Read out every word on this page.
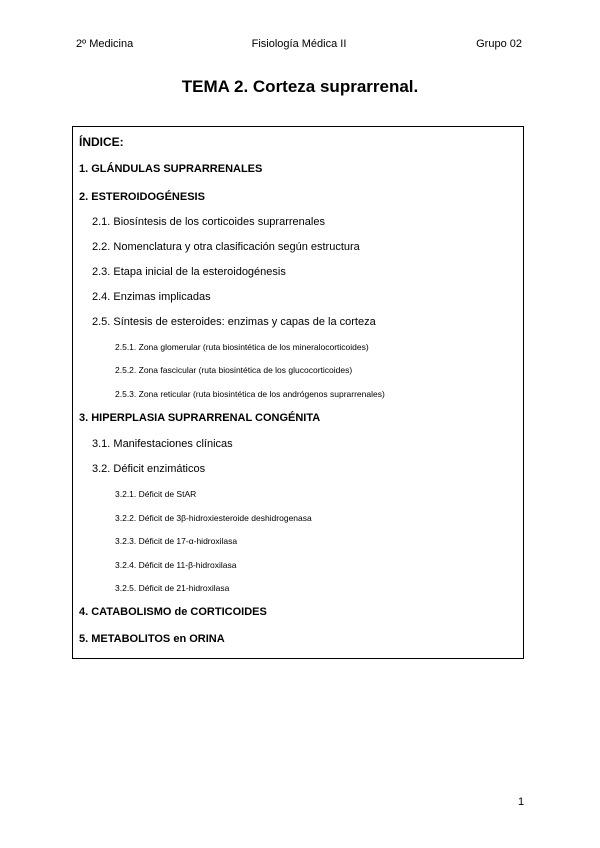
2º Medicina	Fisiología Médica II	Grupo 02
TEMA 2. Corteza suprarrenal.
ÍNDICE:
1. GLÁNDULAS SUPRARRENALES
2. ESTEROIDOGÉNESIS
2.1. Biosíntesis de los corticoides suprarrenales
2.2. Nomenclatura y otra clasificación según estructura
2.3. Etapa inicial de la esteroidogénesis
2.4. Enzimas implicadas
2.5. Síntesis de esteroides: enzimas y capas de la corteza
2.5.1. Zona glomerular (ruta biosintética de los mineralocorticoides)
2.5.2. Zona fascicular (ruta biosintética de los glucocorticoides)
2.5.3. Zona reticular (ruta biosintética de los andrógenos suprarrenales)
3. HIPERPLASIA SUPRARRENAL CONGÉNITA
3.1. Manifestaciones clínicas
3.2. Déficit enzimáticos
3.2.1. Déficit de StAR
3.2.2. Déficit de 3β-hidroxiesteroide deshidrogenasa
3.2.3. Déficit de 17-α-hidroxilasa
3.2.4. Déficit de 11-β-hidroxilasa
3.2.5. Déficit de 21-hidroxilasa
4. CATABOLISMO de CORTICOIDES
5. METABOLITOS en ORINA
1
